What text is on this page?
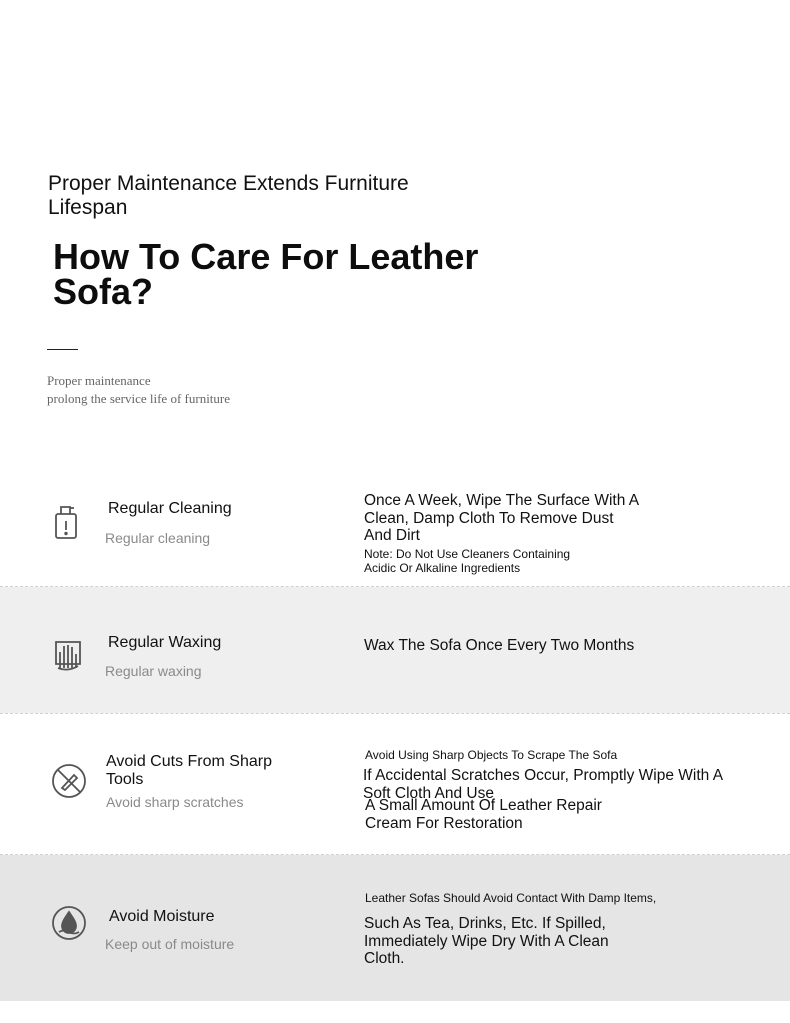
Proper Maintenance Extends Furniture Lifespan
How To Care For Leather Sofa?
Proper maintenance
prolong the service life of furniture
Regular Cleaning
Regular cleaning
Once A Week, Wipe The Surface With A Clean, Damp Cloth To Remove Dust And Dirt
Note: Do Not Use Cleaners Containing Acidic Or Alkaline Ingredients
Regular Waxing
Regular waxing
Wax The Sofa Once Every Two Months
Avoid Cuts From Sharp Tools
Avoid sharp scratches
Avoid Using Sharp Objects To Scrape The Sofa
If Accidental Scratches Occur, Promptly Wipe With A Soft Cloth And Use
A Small Amount Of Leather Repair Cream For Restoration
Avoid Moisture
Keep out of moisture
Leather Sofas Should Avoid Contact With Damp Items,
Such As Tea, Drinks, Etc. If Spilled, Immediately Wipe Dry With A Clean Cloth.
